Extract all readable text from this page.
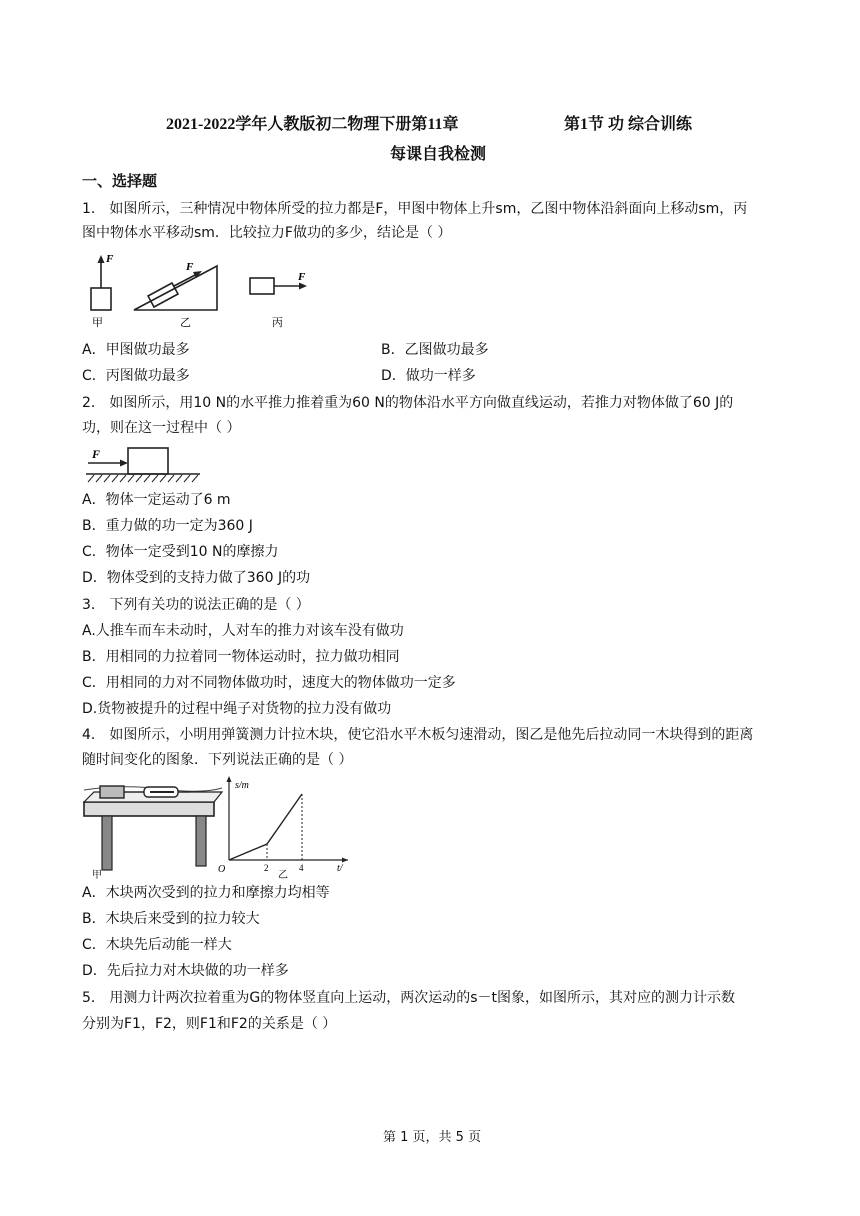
2021-2022学年人教版初二物理下册第11章	第1节 功 综合训练
每课自我检测
一、选择题
1． 如图所示，三种情况中物体所受的拉力都是F，甲图中物体上升sm，乙图中物体沿斜面向上移动sm，丙
图中物体水平移动sm．比较拉力F做功的多少，结论是（ ）
F
甲
F
乙
F
丙
A．甲图做功最多	B．乙图做功最多
C．丙图做功最多	D．做功一样多
2． 如图所示，用10 N的水平推力推着重为60 N的物体沿水平方向做直线运动，若推力对物体做了60 J的
功，则在这一过程中（ ）
F
A．物体一定运动了6 m
B．重力做的功一定为360 J
C．物体一定受到10 N的摩擦力
D．物体受到的支持力做了360 J的功
3． 下列有关功的说法正确的是（ ）
A.人推车而车未动时，人对车的推力对该车没有做功
B．用相同的力拉着同一物体运动时，拉力做功相同
C．用相同的力对不同物体做功时，速度大的物体做功一定多
D.货物被提升的过程中绳子对货物的拉力没有做功
4． 如图所示，小明用弹簧测力计拉木块，使它沿水平木板匀速滑动，图乙是他先后拉动同一木块得到的距离
随时间变化的图象．下列说法正确的是（ ）
甲
s/m
O	2	4	t/
乙
A．木块两次受到的拉力和摩擦力均相等
B．木块后来受到的拉力较大
C．木块先后动能一样大
D．先后拉力对木块做的功一样多
5． 用测力计两次拉着重为G的物体竖直向上运动，两次运动的s－t图象，如图所示，其对应的测力计示数
分别为F1，F2，则F1和F2的关系是（ ）
第 1 页，共 5 页
